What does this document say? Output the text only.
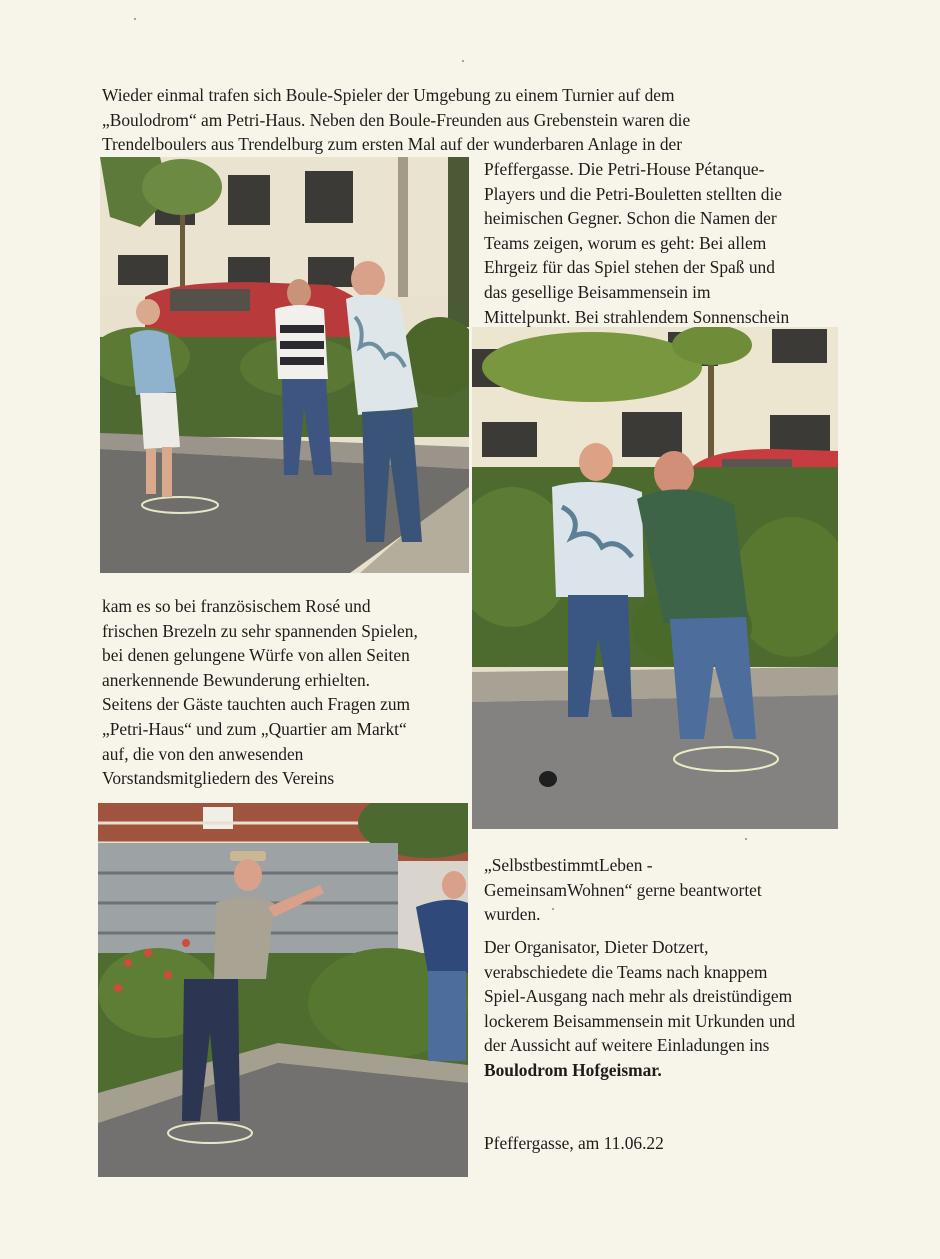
Wieder einmal trafen sich Boule-Spieler der Umgebung zu einem Turnier auf dem
„Boulodrom“ am Petri-Haus. Neben den Boule-Freunden aus Grebenstein waren die
Trendelboulers aus Trendelburg zum ersten Mal auf der wunderbaren Anlage in der
Pfeffergasse. Die Petri-House Pétanque-
Players und die Petri-Bouletten stellten die
heimischen Gegner. Schon die Namen der
Teams zeigen, worum es geht: Bei allem
Ehrgeiz für das Spiel stehen der Spaß und
das gesellige Beisammensein im
Mittelpunkt. Bei strahlendem Sonnenschein
kam es so bei französischem Rosé und
frischen Brezeln zu sehr spannenden Spielen,
bei denen gelungene Würfe von allen Seiten
anerkennende Bewunderung erhielten.
Seitens der Gäste tauchten auch Fragen zum
„Petri-Haus“ und zum „Quartier am Markt“
auf, die von den anwesenden
Vorstandsmitgliedern des Vereins
„SelbstbestimmtLeben -
GemeinsamWohnen“ gerne beantwortet
wurden.
Der Organisator, Dieter Dotzert,
verabschiedete die Teams nach knappem
Spiel-Ausgang nach mehr als dreistündigem
lockerem Beisammensein mit Urkunden und
der Aussicht auf weitere Einladungen ins
Boulodrom Hofgeismar.
Pfeffergasse, am 11.06.22
